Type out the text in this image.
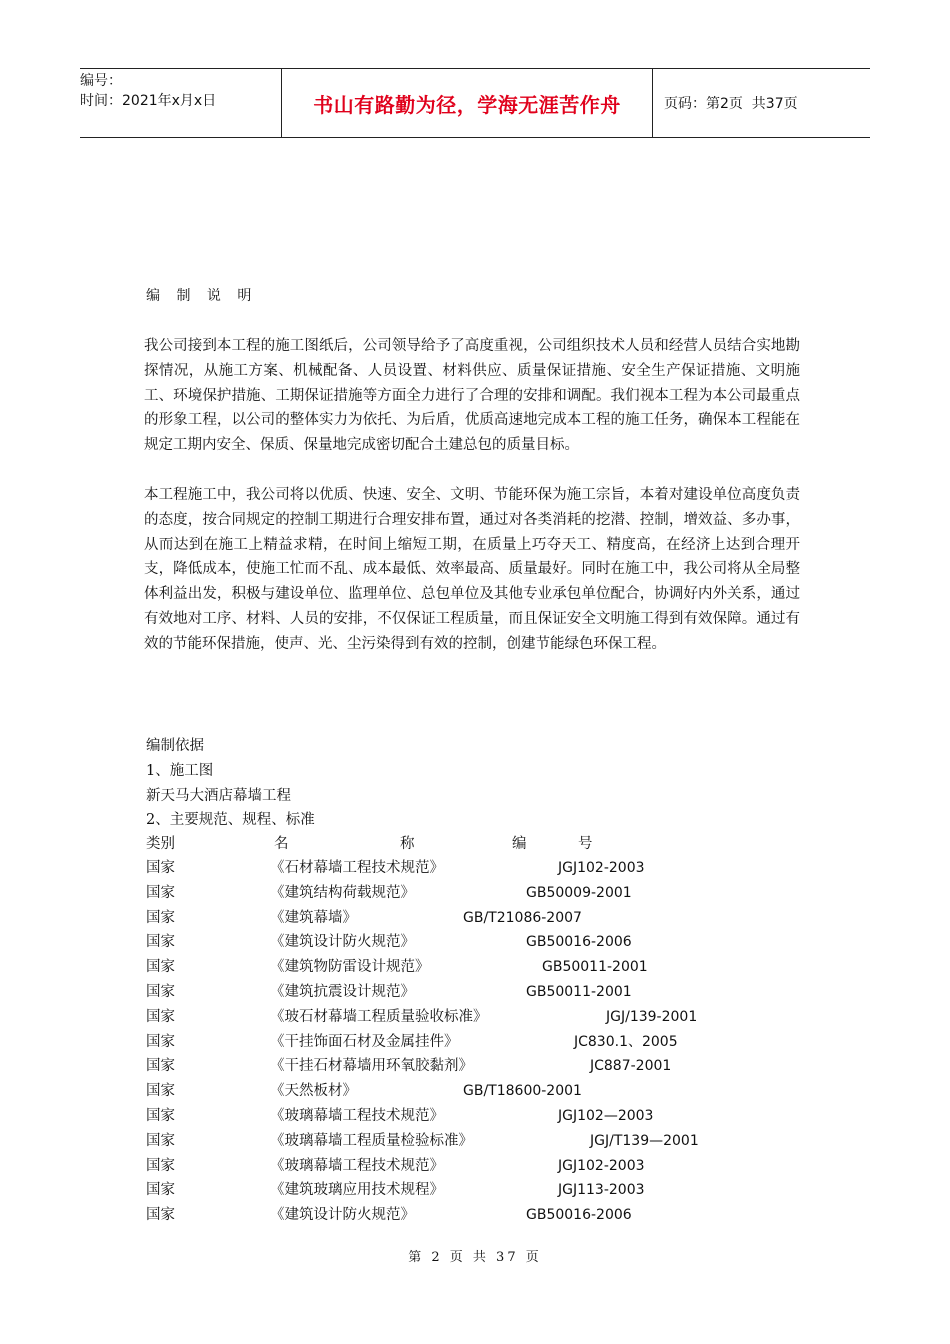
编号：
时间：2021年x月x日	书山有路勤为径，学海无涯苦作舟	页码：第2页  共37页
编 制 说 明

我公司接到本工程的施工图纸后，公司领导给予了高度重视，公司组织技术人员和经营人员结合实地勘探情况，从施工方案、机械配备、人员设置、材料供应、质量保证措施、安全生产保证措施、文明施工、环境保护措施、工期保证措施等方面全力进行了合理的安排和调配。我们视本工程为本公司最重点的形象工程，以公司的整体实力为依托、为后盾，优质高速地完成本工程的施工任务，确保本工程能在规定工期内安全、保质、保量地完成密切配合土建总包的质量目标。

本工程施工中，我公司将以优质、快速、安全、文明、节能环保为施工宗旨，本着对建设单位高度负责的态度，按合同规定的控制工期进行合理安排布置，通过对各类消耗的挖潜、控制，增效益、多办事，从而达到在施工上精益求精，在时间上缩短工期，在质量上巧夺天工、精度高，在经济上达到合理开支，降低成本，使施工忙而不乱、成本最低、效率最高、质量最好。同时在施工中，我公司将从全局整体利益出发，积极与建设单位、监理单位、总包单位及其他专业承包单位配合，协调好内外关系，通过有效地对工序、材料、人员的安排，不仅保证工程质量，而且保证安全文明施工得到有效保障。通过有效的节能环保措施，使声、光、尘污染得到有效的控制，创建节能绿色环保工程。

编制依据
1、施工图
新天马大酒店幕墙工程
2、主要规范、规程、标准
类别	名	称	编	号
国家	《石材幕墙工程技术规范》	JGJ102-2003
国家	《建筑结构荷载规范》	GB50009-2001
国家	《建筑幕墙》	GB/T21086-2007
国家	《建筑设计防火规范》	GB50016-2006
国家	《建筑物防雷设计规范》	GB50011-2001
国家	《建筑抗震设计规范》	GB50011-2001
国家	《玻石材幕墙工程质量验收标准》	JGJ/139-2001
国家	《干挂饰面石材及金属挂件》	JC830.1、2005
国家	《干挂石材幕墙用环氧胶黏剂》	JC887-2001
国家	《天然板材》	GB/T18600-2001
国家	《玻璃幕墙工程技术规范》	JGJ102—2003
国家	《玻璃幕墙工程质量检验标准》	JGJ/T139—2001
国家	《玻璃幕墙工程技术规范》	JGJ102-2003
国家	《建筑玻璃应用技术规程》	JGJ113-2003
国家	《建筑设计防火规范》	GB50016-2006
第 2 页 共 37 页
